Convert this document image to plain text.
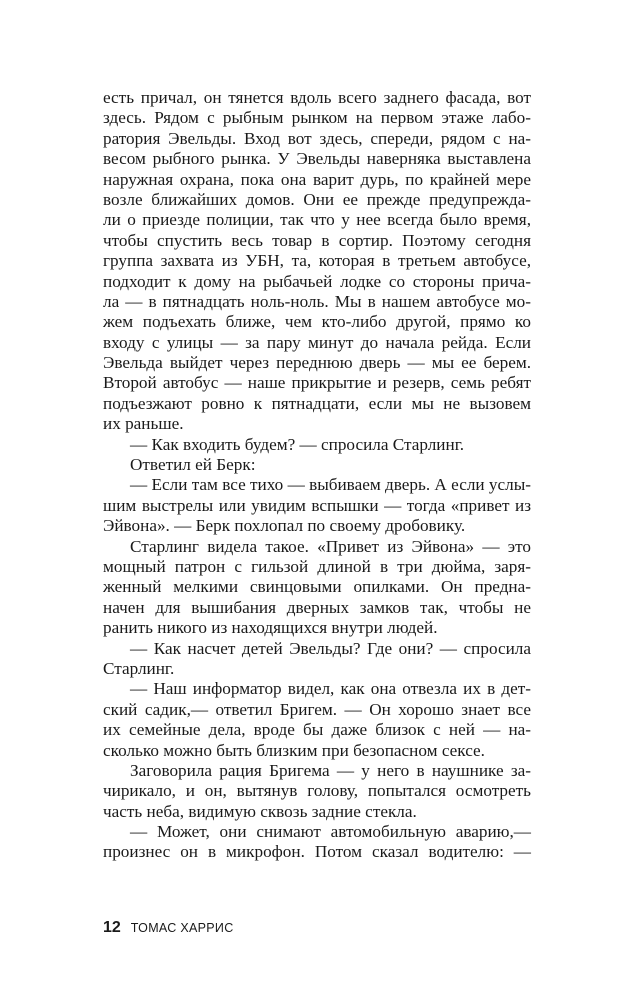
есть причал, он тянется вдоль всего заднего фасада, вот
здесь. Рядом с рыбным рынком на первом этаже лабо-
ратория Эвельды. Вход вот здесь, спереди, рядом с на-
весом рыбного рынка. У Эвельды наверняка выставлена
наружная охрана, пока она варит дурь, по крайней мере
возле ближайших домов. Они ее прежде предупрежда-
ли о приезде полиции, так что у нее всегда было время,
чтобы спустить весь товар в сортир. Поэтому сегодня
группа захвата из УБН, та, которая в третьем автобусе,
подходит к дому на рыбачьей лодке со стороны прича-
ла — в пятнадцать ноль-ноль. Мы в нашем автобусе мо-
жем подъехать ближе, чем кто-либо другой, прямо ко
входу с улицы — за пару минут до начала рейда. Если
Эвельда выйдет через переднюю дверь — мы ее берем.
Второй автобус — наше прикрытие и резерв, семь ребят
подъезжают ровно к пятнадцати, если мы не вызовем
их раньше.
— Как входить будем? — спросила Старлинг.
Ответил ей Берк:
— Если там все тихо — выбиваем дверь. А если услы-
шим выстрелы или увидим вспышки — тогда «привет из
Эйвона». — Берк похлопал по своему дробовику.
Старлинг видела такое. «Привет из Эйвона» — это
мощный патрон с гильзой длиной в три дюйма, заря-
женный мелкими свинцовыми опилками. Он предна-
начен для вышибания дверных замков так, чтобы не
ранить никого из находящихся внутри людей.
— Как насчет детей Эвельды? Где они? — спросила
Старлинг.
— Наш информатор видел, как она отвезла их в дет-
ский садик,— ответил Бригем. — Он хорошо знает все
их семейные дела, вроде бы даже близок с ней — на-
сколько можно быть близким при безопасном сексе.
Заговорила рация Бригема — у него в наушнике за-
чирикало, и он, вытянув голову, попытался осмотреть
часть неба, видимую сквозь задние стекла.
— Может, они снимают автомобильную аварию,—
произнес он в микрофон. Потом сказал водителю: —
12 ТОМАС ХАРРИС
